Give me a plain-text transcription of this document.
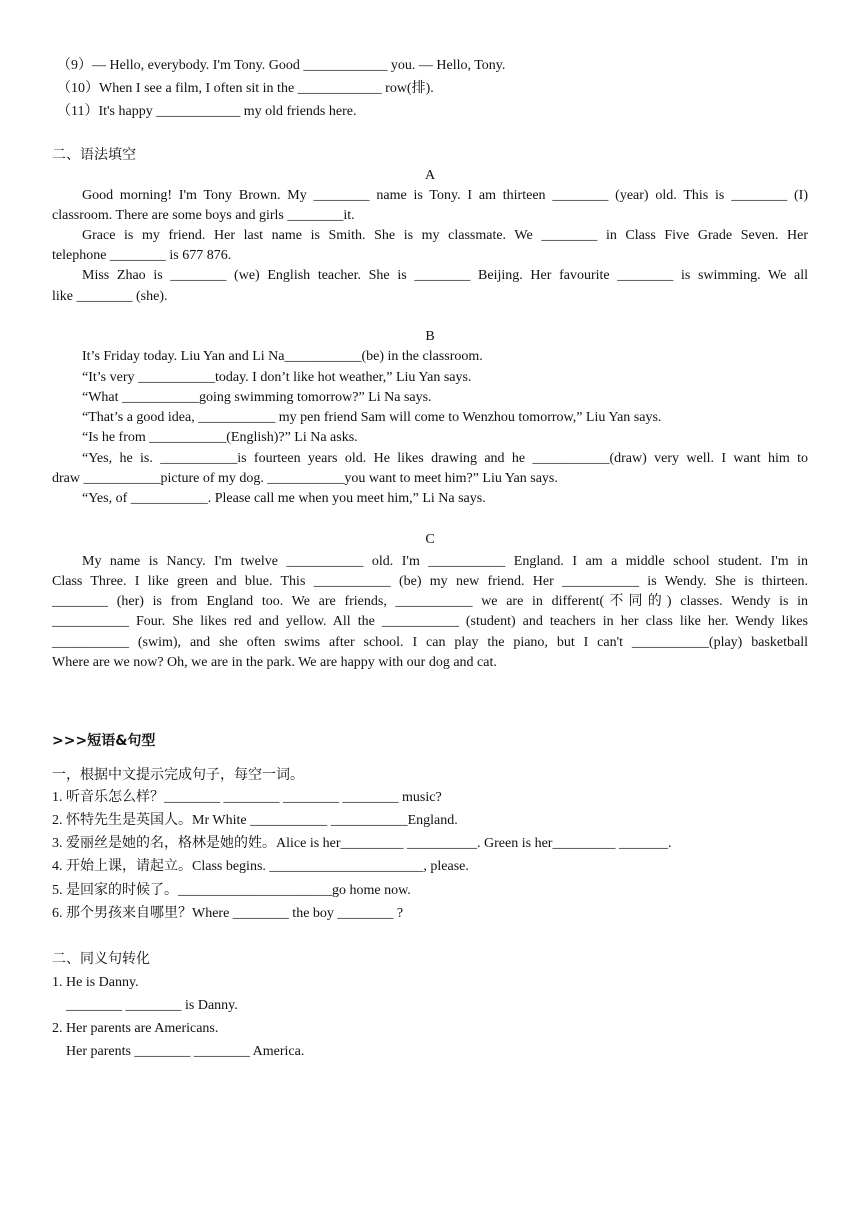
（9）— Hello, everybody. I'm Tony. Good ____________ you. — Hello, Tony.
（10）When I see a film, I often sit in the ____________ row(排).
（11）It's happy ____________ my old friends here.
二、语法填空
A
Good morning! I'm Tony Brown. My ________ name is Tony. I am thirteen ________ (year) old. This is ________ (I)
classroom. There are some boys and girls ________it.
Grace is my friend. Her last name is Smith. She is my classmate. We ________ in Class Five Grade Seven. Her
telephone ________ is 677 876.
Miss Zhao is ________ (we) English teacher. She is ________ Beijing. Her favourite ________ is swimming. We all
like ________ (she).
B
It’s Friday today. Liu Yan and Li Na___________(be) in the classroom.
“It’s very ___________today. I don’t like hot weather,” Liu Yan says.
“What ___________going swimming tomorrow?” Li Na says.
“That’s a good idea, ___________ my pen friend Sam will come to Wenzhou tomorrow,” Liu Yan says.
“Is he from ___________(English)?” Li Na asks.
“Yes, he is. ___________is fourteen years old. He likes drawing and he ___________(draw) very well. I want him to
draw ___________picture of my dog. ___________you want to meet him?” Liu Yan says.
“Yes, of ___________. Please call me when you meet him,” Li Na says.
C
My name is Nancy. I'm twelve ___________ old. I'm ___________ England. I am a middle school student. I'm in
Class Three. I like green and blue. This ___________ (be) my new friend. Her ___________ is Wendy. She is thirteen.
________ (her) is from England too. We are friends, ___________ we are in different(不同的) classes. Wendy is in
___________ Four. She likes red and yellow. All the ___________ (student) and teachers in her class like her. Wendy likes
___________ (swim), and she often swims after school. I can play the piano, but I can't ___________(play) basketball
Where are we now? Oh, we are in the park. We are happy with our dog and cat.
>>>短语&句型
一，根据中文提示完成句子，每空一词。
1. 听音乐怎么样？________ ________ ________ ________ music?
2. 怀特先生是英国人。Mr White ___________ ___________England.
3. 爱丽丝是她的名，格林是她的姓。Alice is her_________ __________. Green is her_________ _______.
4. 开始上课，请起立。Class begins. ______________________, please.
5. 是回家的时候了。______________________go home now.
6. 那个男孩来自哪里？Where ________ the boy ________ ?
二、同义句转化
1. He is Danny.
________ ________ is Danny.
2. Her parents are Americans.
Her parents ________ ________ America.
